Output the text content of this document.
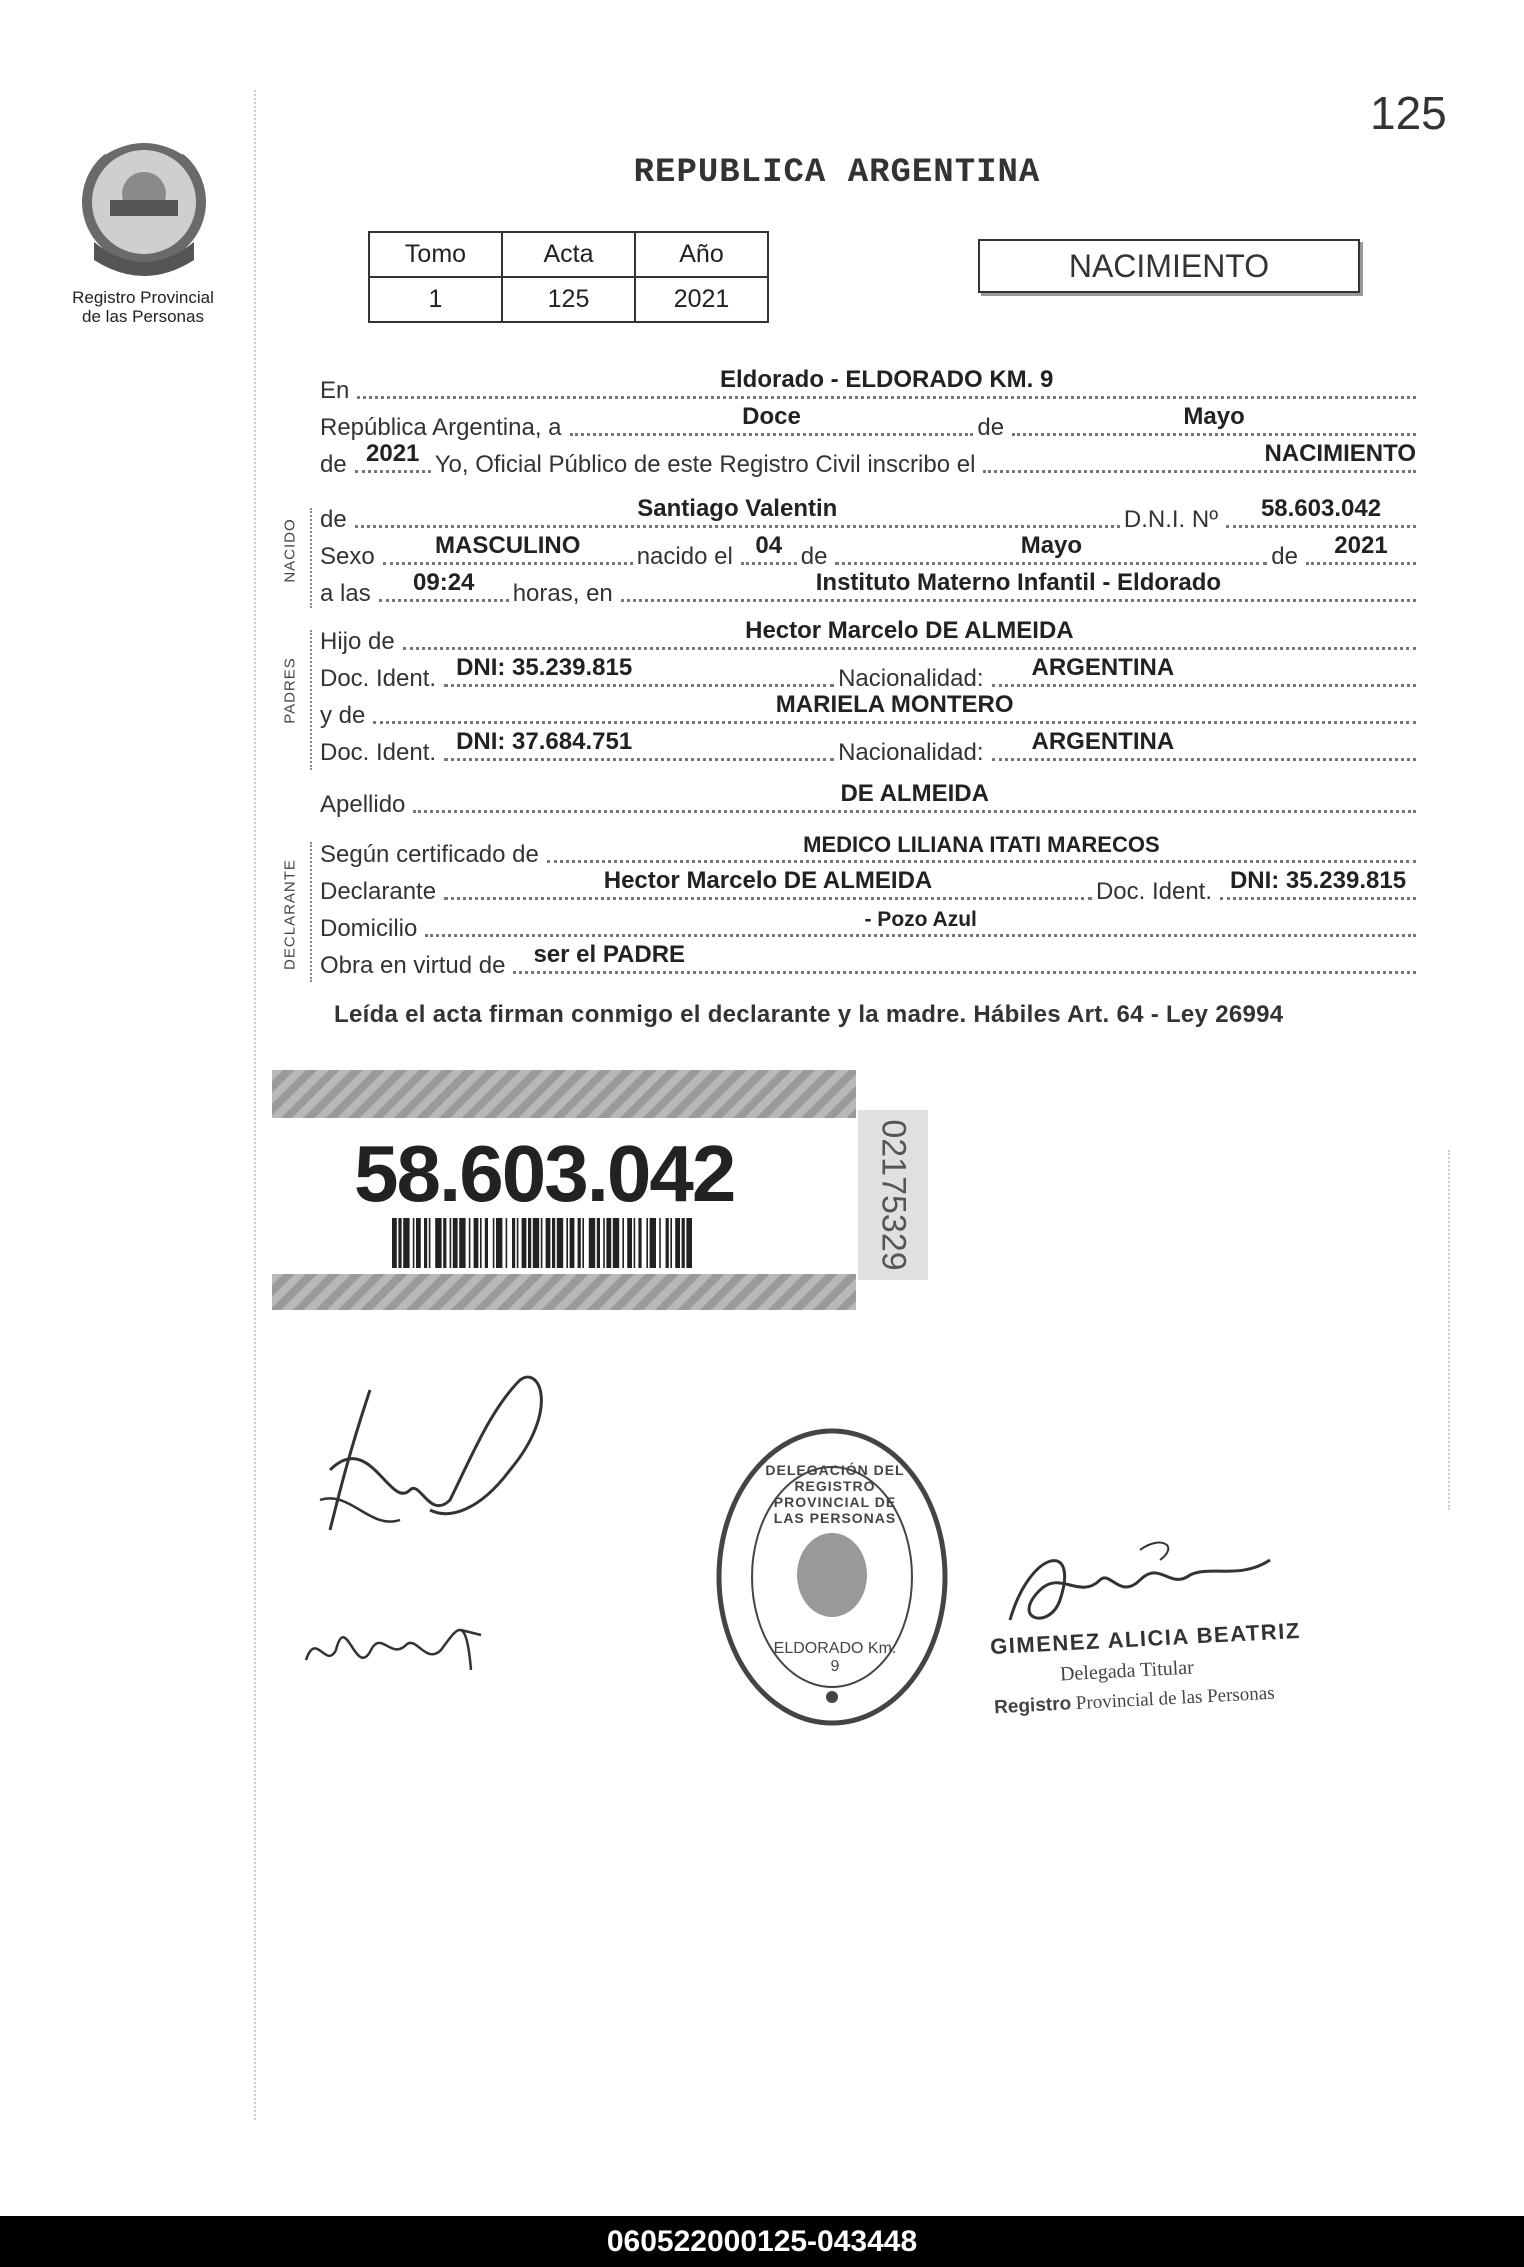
125
Registro Provincial
de las Personas
REPUBLICA ARGENTINA
Tomo	Acta	Año
1	125	2021
NACIMIENTO
En	Eldorado - ELDORADO KM. 9
República Argentina, a	Doce	de	Mayo
de 2021 Yo, Oficial Público de este Registro Civil inscribo el	NACIMIENTO
NACIDO de	Santiago Valentin	D.N.I. Nº	58.603.042
Sexo	MASCULINO	nacido el 04 de	Mayo	de	2021
a las	09:24	horas, en	Instituto Materno Infantil - Eldorado
PADRES
Hijo de	Hector Marcelo DE ALMEIDA
Doc. Ident. DNI: 35.239.815	Nacionalidad:	ARGENTINA
y de	MARIELA MONTERO
Doc. Ident. DNI: 37.684.751	Nacionalidad:	ARGENTINA
Apellido	DE ALMEIDA
DECLARANTE
Según certificado de	MEDICO LILIANA ITATI MARECOS
Declarante	Hector Marcelo DE ALMEIDA	Doc. Ident. DNI: 35.239.815
Domicilio	- Pozo Azul
Obra en virtud de	ser el PADRE
Leída el acta firman conmigo el declarante y la madre. Hábiles Art. 64 - Ley 26994
58.603.042	02175329
DELEGACIÓN DEL REGISTRO PROVINCIAL DE LAS PERSONAS
ELDORADO Km. 9
GIMENEZ ALICIA BEATRIZ
Delegada Titular
Registro Provincial de las Personas
060522000125-043448
